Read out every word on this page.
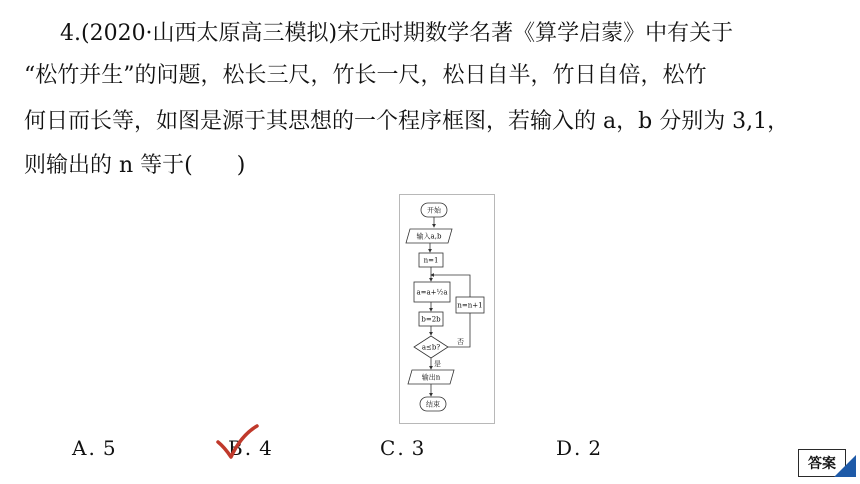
4.(2020·山西太原高三模拟)宋元时期数学名著《算学启蒙》中有关于
“松竹并生”的问题，松长三尺，竹长一尺，松日自半，竹日自倍，松竹
何日而长等，如图是源于其思想的一个程序框图，若输入的 a，b 分别为 3,1，
则输出的 n 等于(　　)
开始
输入a,b
n=1
a=a+½a
b=2b
a≤b?
否
是
n=n+1
输出n
结束
A . 5	B . 4	C . 3	D . 2
答案
